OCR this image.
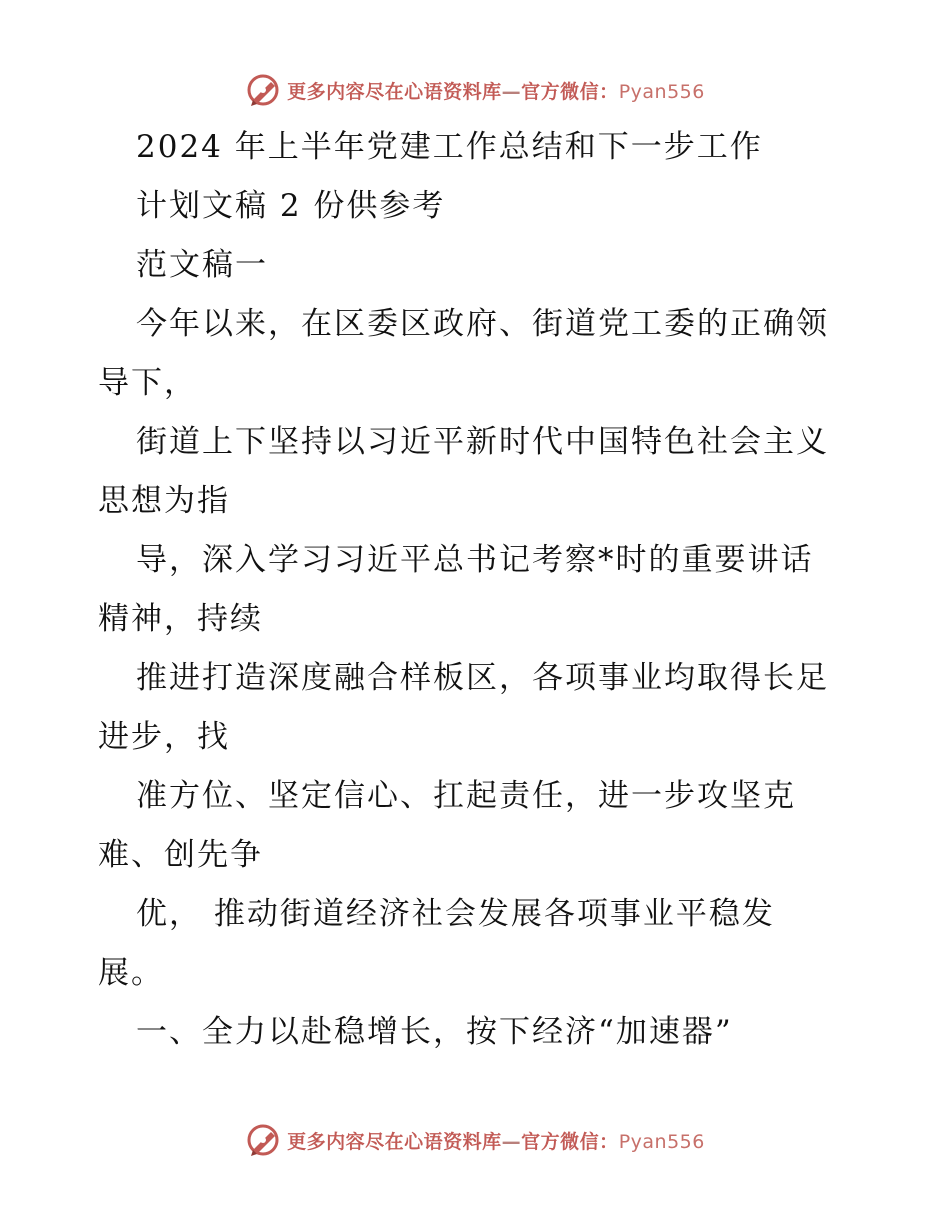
更多内容尽在心语资料库—官方微信：Pyan556
2024 年上半年党建工作总结和下一步工作
计划文稿 2 份供参考
范文稿一
今年以来，在区委区政府、街道党工委的正确领
导下，
街道上下坚持以习近平新时代中国特色社会主义
思想为指
导，深入学习习近平总书记考察*时的重要讲话
精神，持续
推进打造深度融合样板区，各项事业均取得长足
进步，找
准方位、坚定信心、扛起责任，进一步攻坚克
难、创先争
优， 推动街道经济社会发展各项事业平稳发
展。
一、全力以赴稳增长，按下经济“加速器”
更多内容尽在心语资料库—官方微信：Pyan556
